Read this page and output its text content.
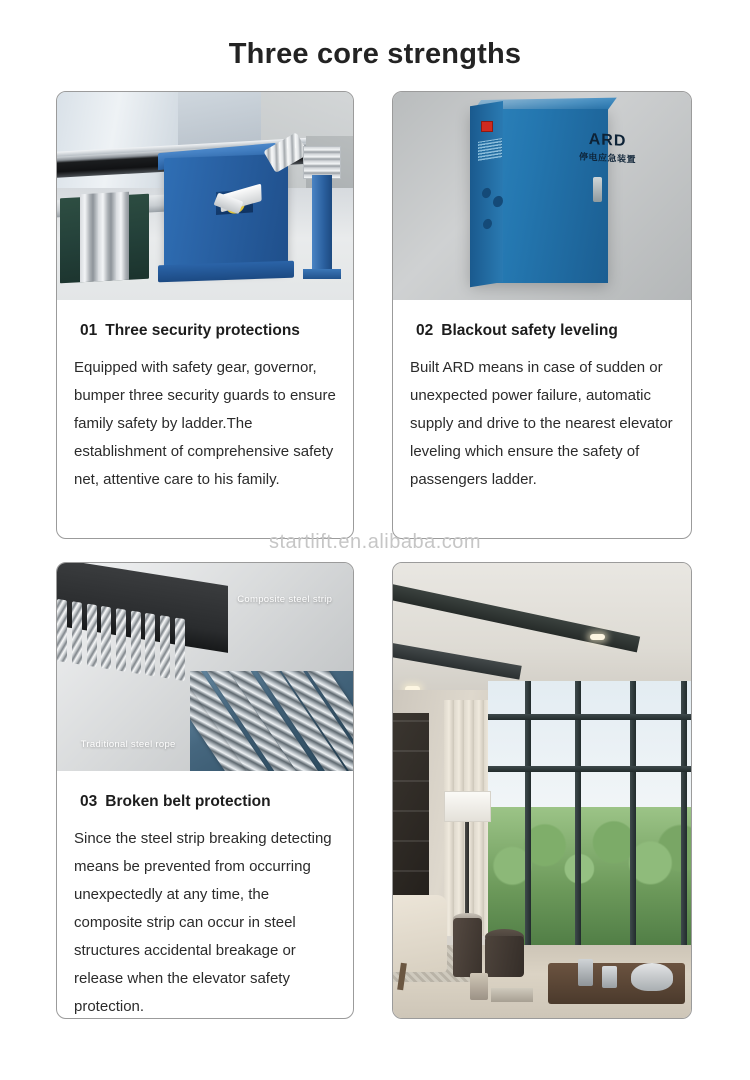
Three core strengths
01 Three security protections
Equipped with safety gear, governor, bumper three security guards to ensure family safety by ladder.The establishment of comprehensive safety net, attentive care to his family.
ARD
停电应急装置
02 Blackout safety leveling
Built ARD means in case of sudden or unexpected power failure, automatic supply and drive to the nearest elevator leveling which ensure the safety of passengers ladder.
startlift.en.alibaba.com
Composite steel strip
Traditional steel rope
03 Broken belt protection
Since the steel strip breaking detecting means be prevented from occurring unexpectedly at any time, the composite strip can occur in steel structures accidental breakage or release when the elevator safety protection.
